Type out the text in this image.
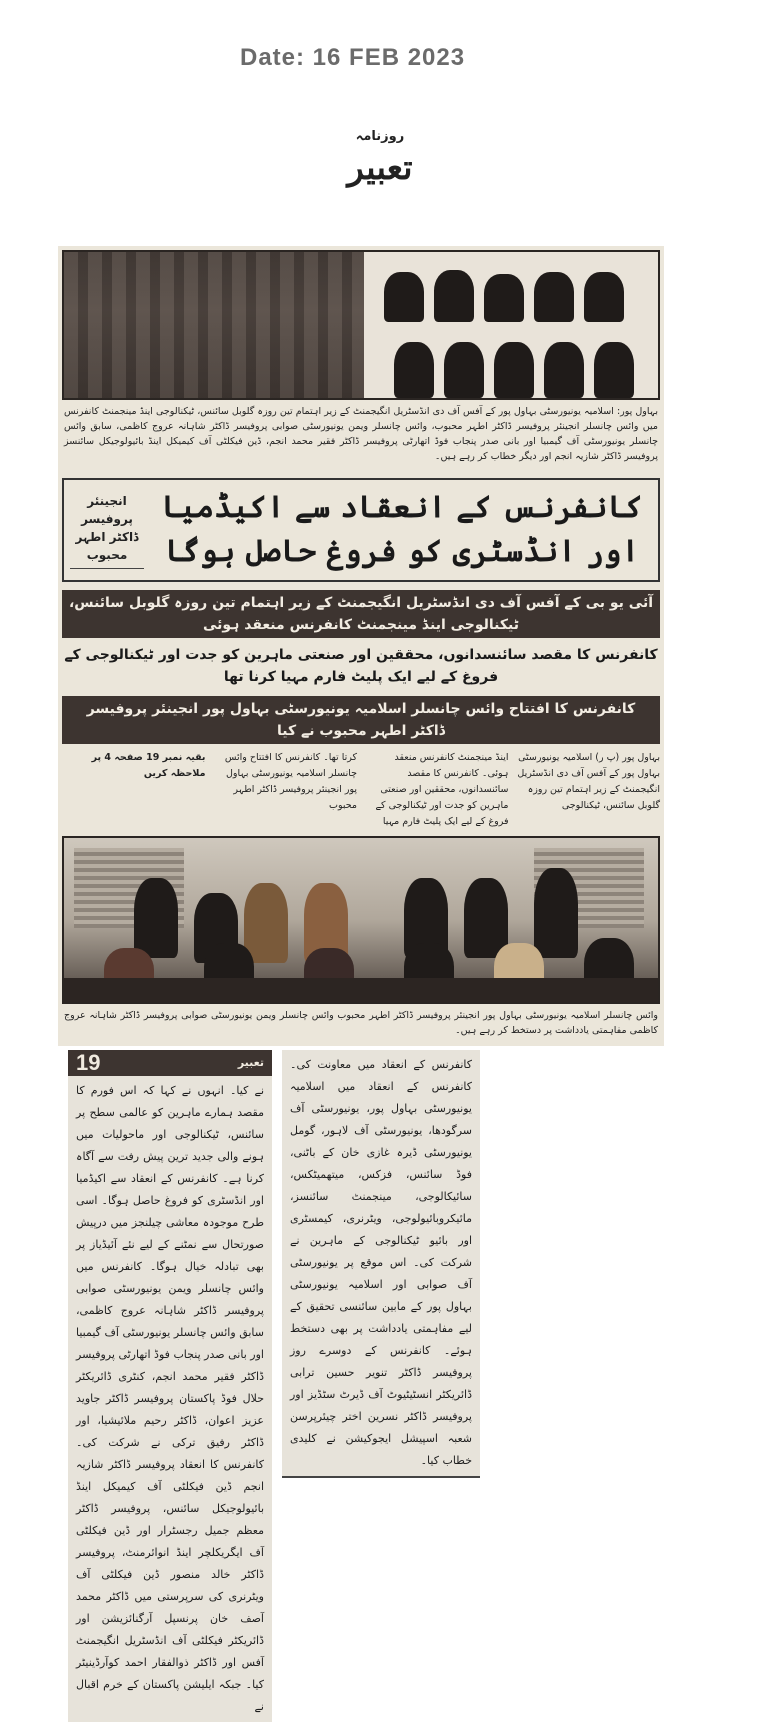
Date: 16 FEB 2023
روزنامہ
تعبیر
بہاول پور: اسلامیہ یونیورسٹی بہاول پور کے آفس آف دی انڈسٹریل انگیجمنٹ کے زیر اہتمام تین روزہ گلوبل سائنس، ٹیکنالوجی اینڈ مینجمنٹ کانفرنس میں وائس چانسلر انجینئر پروفیسر ڈاکٹر اطہر محبوب، وائس چانسلر ویمن یونیورسٹی صوابی پروفیسر ڈاکٹر شاہانہ عروج کاظمی، سابق وائس چانسلر یونیورسٹی آف گیمبیا اور بانی صدر پنجاب فوڈ اتھارٹی پروفیسر ڈاکٹر فقیر محمد انجم، ڈین فیکلٹی آف کیمیکل اینڈ بائیولوجیکل سائنسز پروفیسر ڈاکٹر شازیہ انجم اور دیگر خطاب کر رہے ہیں۔
انجینئر پروفیسر
ڈاکٹر اطہر محبوب
کانفرنس کے انعقاد سے اکیڈمیا اور انڈسٹری کو فروغ حاصل ہوگا
آئی یو بی کے آفس آف دی انڈسٹریل انگیجمنٹ کے زیر اہتمام تین روزہ گلوبل سائنس، ٹیکنالوجی اینڈ مینجمنٹ کانفرنس منعقد ہوئی
کانفرنس کا مقصد سائنسدانوں، محققین اور صنعتی ماہرین کو جدت اور ٹیکنالوجی کے فروغ کے لیے ایک پلیٹ فارم مہیا کرنا تھا
کانفرنس کا افتتاح وائس چانسلر اسلامیہ یونیورسٹی بہاول پور انجینئر پروفیسر ڈاکٹر اطہر محبوب نے کیا
بہاول پور (پ ر) اسلامیہ یونیورسٹی بہاول پور کے آفس آف دی انڈسٹریل انگیجمنٹ کے زیر اہتمام تین روزہ گلوبل سائنس، ٹیکنالوجی
اینڈ مینجمنٹ کانفرنس منعقد ہوئی۔ کانفرنس کا مقصد سائنسدانوں، محققین اور صنعتی ماہرین کو جدت اور ٹیکنالوجی کے فروغ کے لیے ایک پلیٹ فارم مہیا
کرتا تھا۔ کانفرنس کا افتتاح وائس چانسلر اسلامیہ یونیورسٹی بہاول پور انجینئر پروفیسر ڈاکٹر اطہر محبوب
بقیہ نمبر 19 صفحہ 4 پر ملاحظہ کریں
وائس چانسلر اسلامیہ یونیورسٹی بہاول پور انجینئر پروفیسر ڈاکٹر اطہر محبوب وائس چانسلر ویمن یونیورسٹی صوابی پروفیسر ڈاکٹر شاہانہ عروج کاظمی مفاہمتی یادداشت پر دستخط کر رہے ہیں۔
19	تعبیر
نے کیا۔ انہوں نے کہا کہ اس فورم کا مقصد ہمارے ماہرین کو عالمی سطح پر سائنس، ٹیکنالوجی اور ماحولیات میں ہونے والی جدید ترین پیش رفت سے آگاہ کرنا ہے۔ کانفرنس کے انعقاد سے اکیڈمیا اور انڈسٹری کو فروغ حاصل ہوگا۔ اسی طرح موجودہ معاشی چیلنجز میں درپیش صورتحال سے نمٹنے کے لیے نئے آئیڈیاز پر بھی تبادلہ خیال ہوگا۔ کانفرنس میں وائس چانسلر ویمن یونیورسٹی صوابی پروفیسر ڈاکٹر شاہانہ عروج کاظمی، سابق وائس چانسلر یونیورسٹی آف گیمبیا اور بانی صدر پنجاب فوڈ اتھارٹی پروفیسر ڈاکٹر فقیر محمد انجم، کنٹری ڈائریکٹر حلال فوڈ پاکستان پروفیسر ڈاکٹر جاوید عزیز اعوان، ڈاکٹر رحیم ملائیشیا، اور ڈاکٹر رفیق ترکی نے شرکت کی۔ کانفرنس کا انعقاد پروفیسر ڈاکٹر شازیہ انجم ڈین فیکلٹی آف کیمیکل اینڈ بائیولوجیکل سائنس، پروفیسر ڈاکٹر معظم جمیل رجسٹرار اور ڈین فیکلٹی آف ایگریکلچر اینڈ انوائرمنٹ، پروفیسر ڈاکٹر خالد منصور ڈین فیکلٹی آف ویٹرنری کی سرپرستی میں ڈاکٹر محمد آصف خان پرنسپل آرگنائزیشن اور ڈائریکٹر فیکلٹی آف انڈسٹریل انگیجمنٹ آفس اور ڈاکٹر ذوالفقار احمد کوآرڈینیٹر کیا۔ جبکہ ایلیشن پاکستان کے خرم اقبال نے
کانفرنس کے انعقاد میں معاونت کی۔ کانفرنس کے انعقاد میں اسلامیہ یونیورسٹی بہاول پور، یونیورسٹی آف سرگودھا، یونیورسٹی آف لاہور، گومل یونیورسٹی ڈیرہ غازی خان کے باٹنی، فوڈ سائنس، فزکس، میتھمیٹکس، سائیکالوجی، مینجمنٹ سائنسز، مائیکروبائیولوجی، ویٹرنری، کیمسٹری اور بائیو ٹیکنالوجی کے ماہرین نے شرکت کی۔ اس موقع پر یونیورسٹی آف صوابی اور اسلامیہ یونیورسٹی بہاول پور کے مابین سائنسی تحقیق کے لیے مفاہمتی یادداشت پر بھی دستخط ہوئے۔ کانفرنس کے دوسرے روز پروفیسر ڈاکٹر تنویر حسین ترابی ڈائریکٹر انسٹیٹیوٹ آف ڈیرٹ سٹڈیز اور پروفیسر ڈاکٹر نسرین اختر چیئرپرسن شعبہ اسپیشل ایجوکیشن نے کلیدی خطاب کیا۔
